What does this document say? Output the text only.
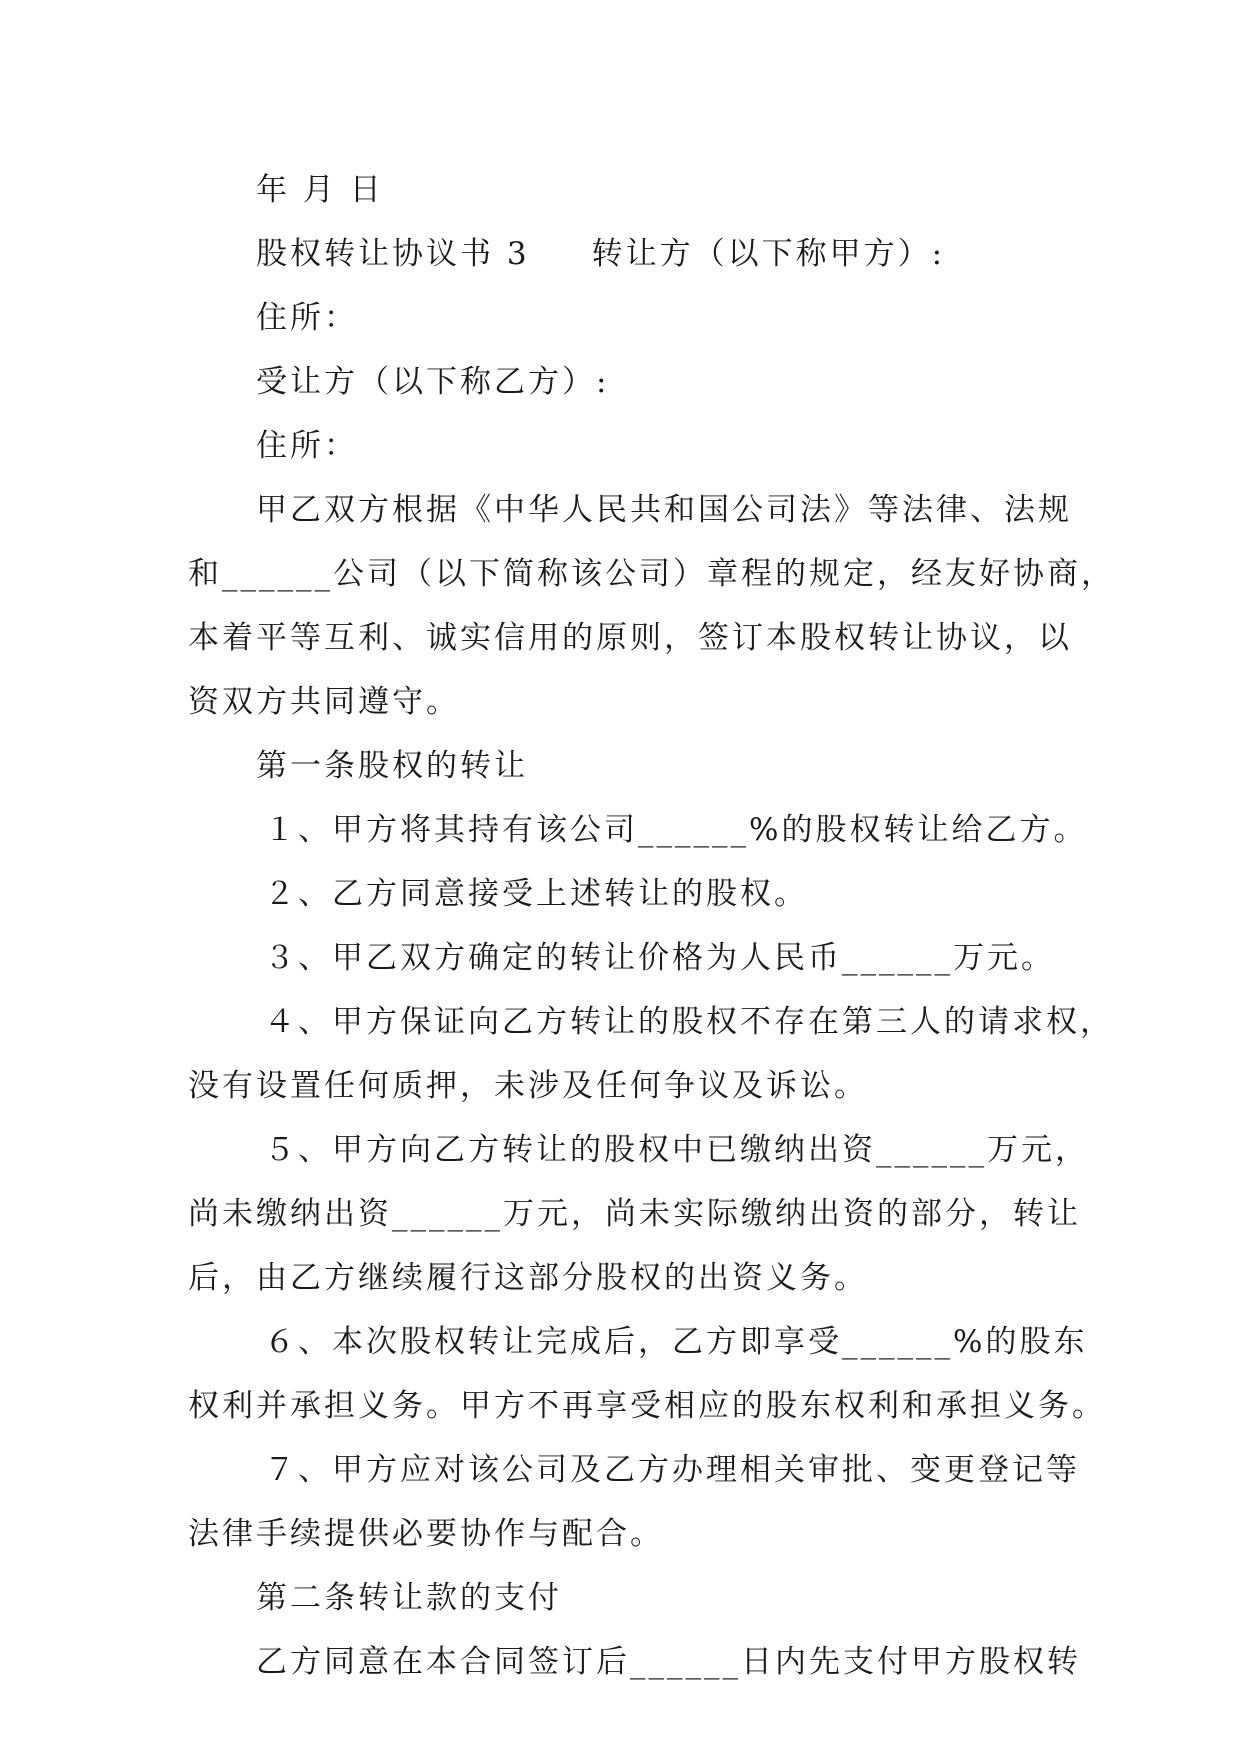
年 月 日
股权转让协议书 3 转让方（以下称甲方）:
住所：
受让方（以下称乙方）:
住所：
甲乙双方根据《中华人民共和国公司法》等法律、法规
和______公司（以下简称该公司）章程的规定，经友好协商，
本着平等互利、诚实信用的原则，签订本股权转让协议，以
资双方共同遵守。
第一条股权的转让
１、甲方将其持有该公司______%的股权转让给乙方。
２、乙方同意接受上述转让的股权。
３、甲乙双方确定的转让价格为人民币______万元。
４、甲方保证向乙方转让的股权不存在第三人的请求权，
没有设置任何质押，未涉及任何争议及诉讼。
５、甲方向乙方转让的股权中已缴纳出资______万元，
尚未缴纳出资______万元，尚未实际缴纳出资的部分，转让
后，由乙方继续履行这部分股权的出资义务。
６、本次股权转让完成后，乙方即享受______%的股东
权利并承担义务。甲方不再享受相应的股东权利和承担义务。
７、甲方应对该公司及乙方办理相关审批、变更登记等
法律手续提供必要协作与配合。
第二条转让款的支付
乙方同意在本合同签订后______日内先支付甲方股权转
